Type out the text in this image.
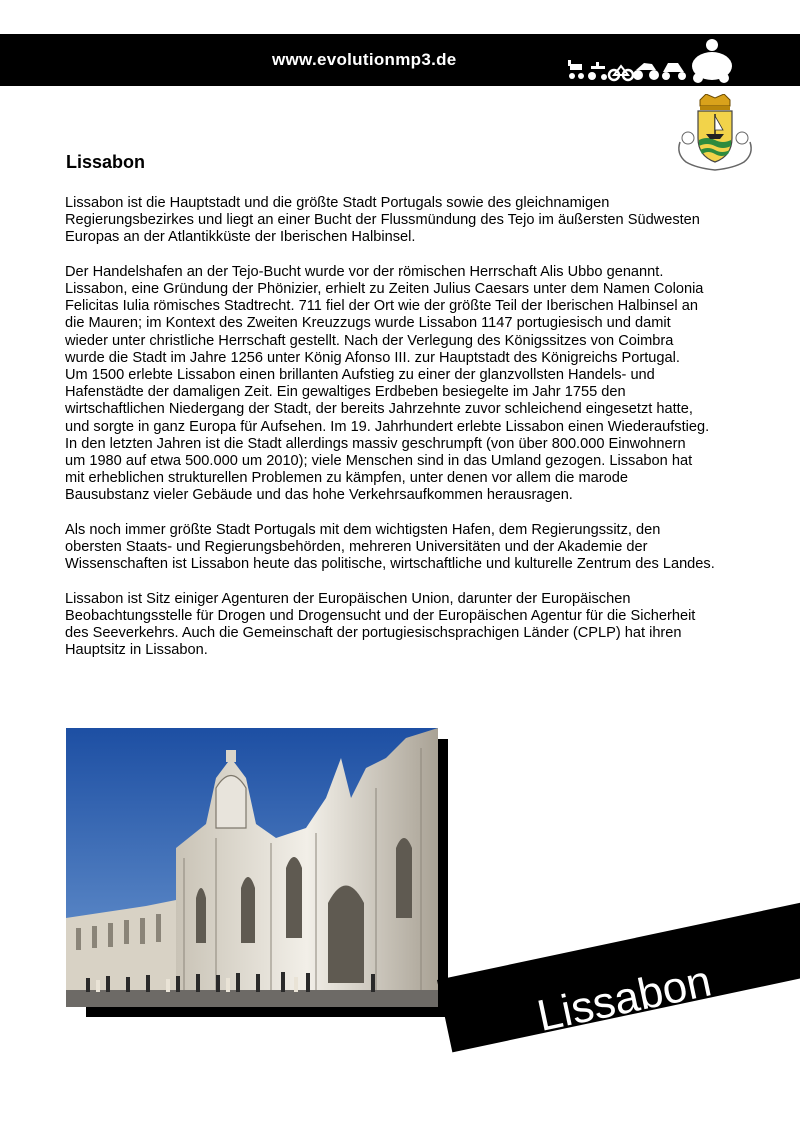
www.evolutionmp3.de
Lissabon

Lissabon ist die Hauptstadt und die größte Stadt Portugals sowie des gleichnamigen
Regierungsbezirkes und liegt an einer Bucht der Flussmündung des Tejo im äußersten Südwesten
Europas an der Atlantikküste der Iberischen Halbinsel.

Der Handelshafen an der Tejo-Bucht wurde vor der römischen Herrschaft Alis Ubbo genannt.
Lissabon, eine Gründung der Phönizier, erhielt zu Zeiten Julius Caesars unter dem Namen Colonia
Felicitas Iulia römisches Stadtrecht. 711 fiel der Ort wie der größte Teil der Iberischen Halbinsel an
die Mauren; im Kontext des Zweiten Kreuzzugs wurde Lissabon 1147 portugiesisch und damit
wieder unter christliche Herrschaft gestellt. Nach der Verlegung des Königssitzes von Coimbra
wurde die Stadt im Jahre 1256 unter König Afonso III. zur Hauptstadt des Königreichs Portugal.
Um 1500 erlebte Lissabon einen brillanten Aufstieg zu einer der glanzvollsten Handels- und
Hafenstädte der damaligen Zeit. Ein gewaltiges Erdbeben besiegelte im Jahr 1755 den
wirtschaftlichen Niedergang der Stadt, der bereits Jahrzehnte zuvor schleichend eingesetzt hatte,
und sorgte in ganz Europa für Aufsehen. Im 19. Jahrhundert erlebte Lissabon einen Wiederaufstieg.
In den letzten Jahren ist die Stadt allerdings massiv geschrumpft (von über 800.000 Einwohnern
um 1980 auf etwa 500.000 um 2010); viele Menschen sind in das Umland gezogen. Lissabon hat
mit erheblichen strukturellen Problemen zu kämpfen, unter denen vor allem die marode
Bausubstanz vieler Gebäude und das hohe Verkehrsaufkommen herausragen.

Als noch immer größte Stadt Portugals mit dem wichtigsten Hafen, dem Regierungssitz, den
obersten Staats- und Regierungsbehörden, mehreren Universitäten und der Akademie der
Wissenschaften ist Lissabon heute das politische, wirtschaftliche und kulturelle Zentrum des Landes.

Lissabon ist Sitz einiger Agenturen der Europäischen Union, darunter der Europäischen
Beobachtungsstelle für Drogen und Drogensucht und der Europäischen Agentur für die Sicherheit
des Seeverkehrs. Auch die Gemeinschaft der portugiesischsprachigen Länder (CPLP) hat ihren
Hauptsitz in Lissabon.

Lissabon
